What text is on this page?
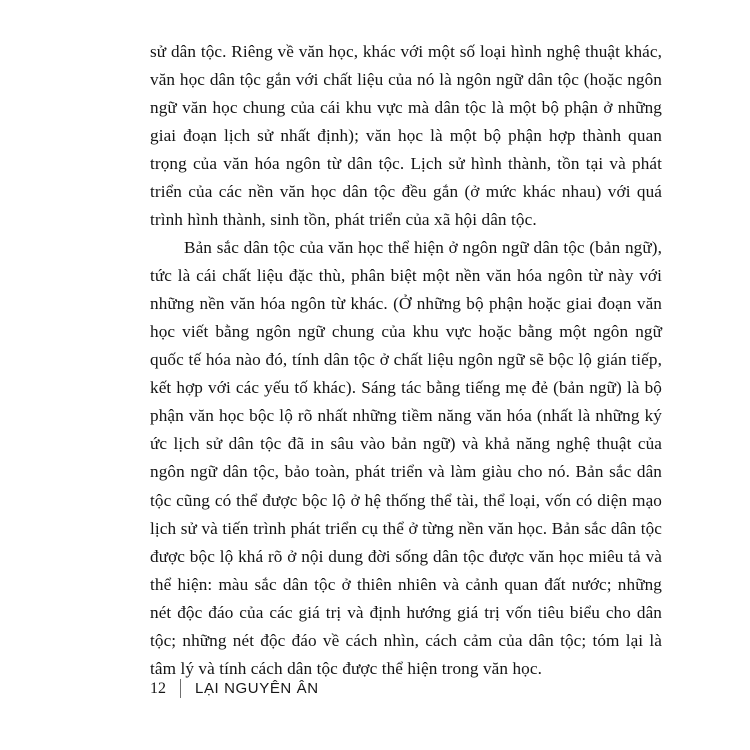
sử dân tộc. Riêng về văn học, khác với một số loại hình nghệ thuật khác, văn học dân tộc gắn với chất liệu của nó là ngôn ngữ dân tộc (hoặc ngôn ngữ văn học chung của cái khu vực mà dân tộc là một bộ phận ở những giai đoạn lịch sử nhất định); văn học là một bộ phận hợp thành quan trọng của văn hóa ngôn từ dân tộc. Lịch sử hình thành, tồn tại và phát triển của các nền văn học dân tộc đều gắn (ở mức khác nhau) với quá trình hình thành, sinh tồn, phát triển của xã hội dân tộc.

Bản sắc dân tộc của văn học thể hiện ở ngôn ngữ dân tộc (bản ngữ), tức là cái chất liệu đặc thù, phân biệt một nền văn hóa ngôn từ này với những nền văn hóa ngôn từ khác. (Ở những bộ phận hoặc giai đoạn văn học viết bằng ngôn ngữ chung của khu vực hoặc bằng một ngôn ngữ quốc tế hóa nào đó, tính dân tộc ở chất liệu ngôn ngữ sẽ bộc lộ gián tiếp, kết hợp với các yếu tố khác). Sáng tác bằng tiếng mẹ đẻ (bản ngữ) là bộ phận văn học bộc lộ rõ nhất những tiềm năng văn hóa (nhất là những ký ức lịch sử dân tộc đã in sâu vào bản ngữ) và khả năng nghệ thuật của ngôn ngữ dân tộc, bảo toàn, phát triển và làm giàu cho nó. Bản sắc dân tộc cũng có thể được bộc lộ ở hệ thống thể tài, thể loại, vốn có diện mạo lịch sử và tiến trình phát triển cụ thể ở từng nền văn học. Bản sắc dân tộc được bộc lộ khá rõ ở nội dung đời sống dân tộc được văn học miêu tả và thể hiện: màu sắc dân tộc ở thiên nhiên và cảnh quan đất nước; những nét độc đáo của các giá trị và định hướng giá trị vốn tiêu biểu cho dân tộc; những nét độc đáo về cách nhìn, cách cảm của dân tộc; tóm lại là tâm lý và tính cách dân tộc được thể hiện trong văn học.

12 LẠI NGUYÊN ÂN
